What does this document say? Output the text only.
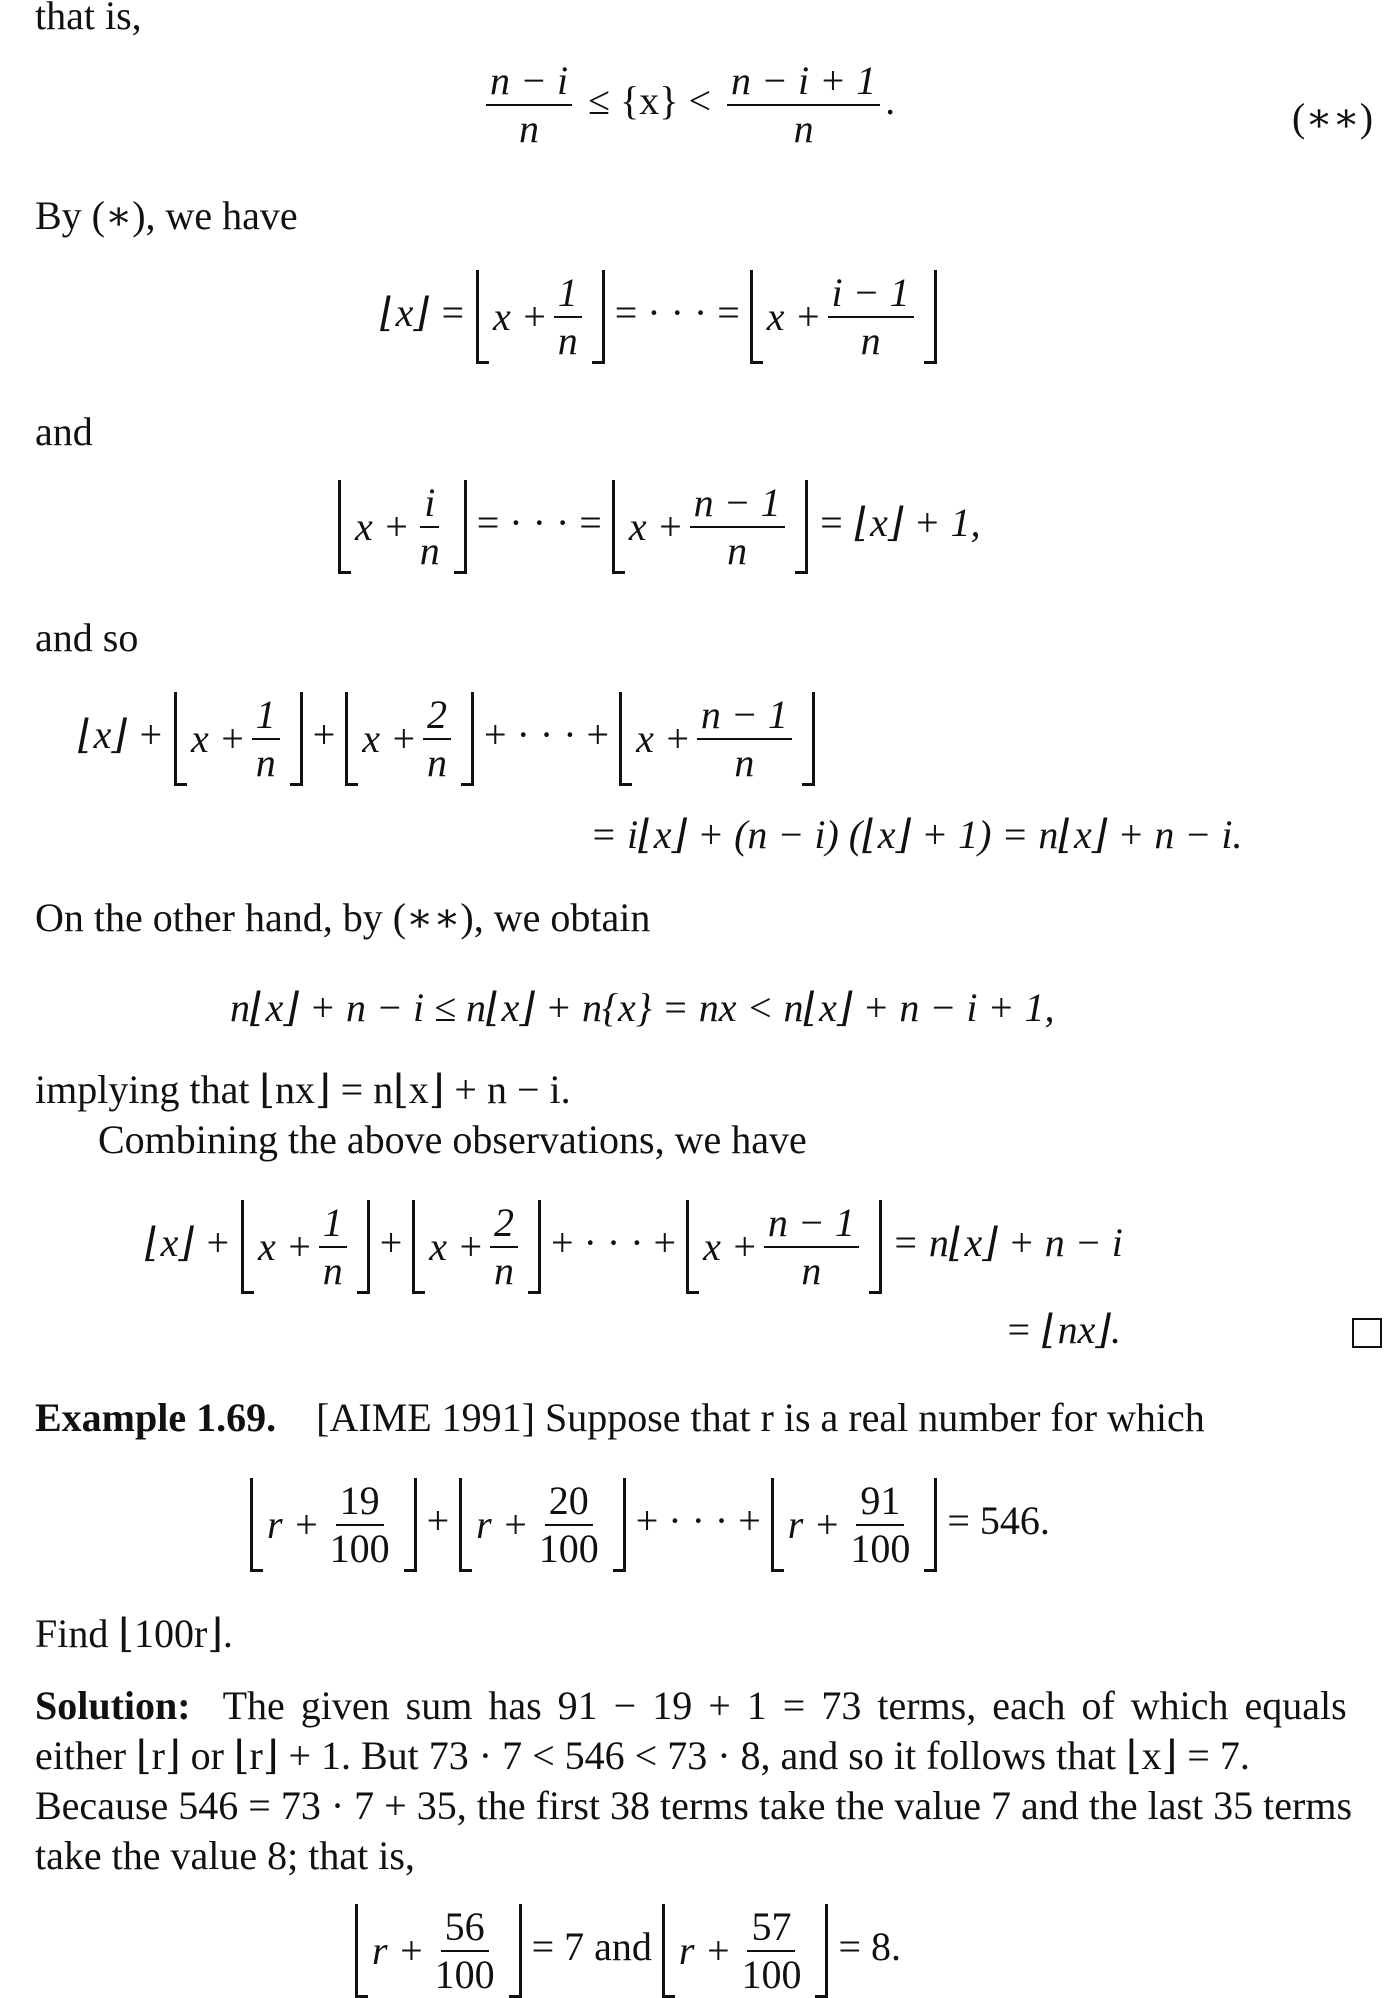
that is,
$\frac{n - i}{n} \le \{x\} < \frac{n - i + 1}{n}$ .	(∗∗)
By (∗), we have
⌊x⌋ = $x + \frac{1}{n}$ = · · · = $x + \frac{i - 1}{n}$
and
$x + \frac{i}{n}$ = · · · = $x + \frac{n - 1}{n}$ = ⌊x⌋ + 1,
and so
⌊x⌋ + $x + \frac{1}{n} + x + \frac{2}{n}$ + · · · + $x + \frac{n - 1}{n}$
= i⌊x⌋ + (n − i) (⌊x⌋ + 1) = n⌊x⌋ + n − i.
On the other hand, by (∗∗), we obtain
n⌊x⌋ + n − i ≤ n⌊x⌋ + n{x} = nx < n⌊x⌋ + n − i + 1,
implying that ⌊nx⌋ = n⌊x⌋ + n − i.
Combining the above observations, we have
⌊x⌋ + $x + \frac{1}{n} + x + \frac{2}{n}$ + · · · + $x + \frac{n - 1}{n}$ = n⌊x⌋ + n − i
= ⌊nx⌋.
Example 1.69. [AIME 1991] Suppose that r is a real number for which
$r + \frac{19}{100} + r + \frac{20}{100}$ + · · · + $r + \frac{91}{100} = 546$.
Find ⌊100r⌋.
Solution: The given sum has 91 − 19 + 1 = 73 terms, each of which equals
either ⌊r⌋ or ⌊r⌋ + 1. But 73 · 7 < 546 < 73 · 8, and so it follows that ⌊x⌋ = 7.
Because 546 = 73 · 7 + 35, the first 38 terms take the value 7 and the last 35 terms
take the value 8; that is,
$r + \frac{56}{100} = 7$ and $r + \frac{57}{100} = 8$.
